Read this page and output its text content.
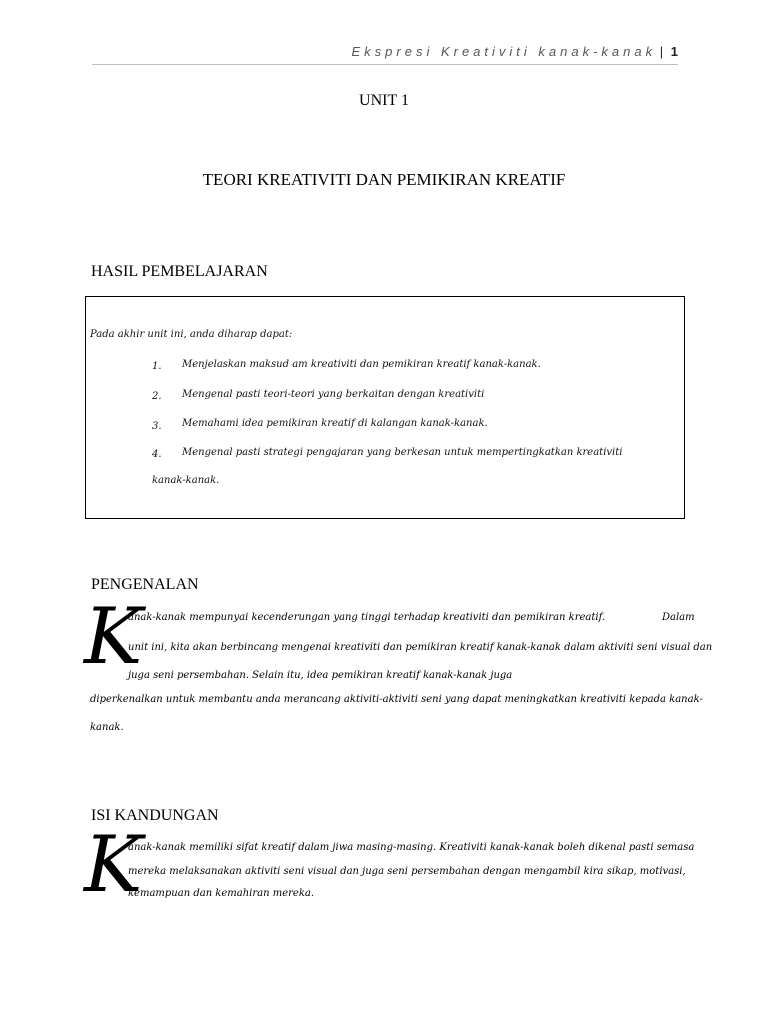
Ekspresi Kreativiti kanak-kanak | 1
UNIT 1
TEORI KREATIVITI DAN PEMIKIRAN KREATIF
HASIL PEMBELAJARAN
Pada akhir unit ini, anda diharap dapat:
1. Menjelaskan maksud am kreativiti dan pemikiran kreatif kanak-kanak.
2. Mengenal pasti teori-teori yang berkaitan dengan kreativiti
3. Memahami idea pemikiran kreatif di kalangan kanak-kanak.
4. Mengenal pasti strategi pengajaran yang berkesan untuk mempertingkatkan kreativiti
kanak-kanak.
PENGENALAN
K
anak-kanak mempunyai kecenderungan yang tinggi terhadap kreativiti dan pemikiran kreatif.	Dalam
unit ini, kita akan berbincang mengenai kreativiti dan pemikiran kreatif kanak-kanak dalam aktiviti seni visual dan
juga seni persembahan. Selain itu, idea pemikiran kreatif kanak-kanak juga
diperkenalkan untuk membantu anda merancang aktiviti-aktiviti seni yang dapat meningkatkan kreativiti kepada kanak-
kanak.
ISI KANDUNGAN
K
anak-kanak memiliki sifat kreatif dalam jiwa masing-masing. Kreativiti kanak-kanak boleh dikenal pasti semasa
mereka melaksanakan aktiviti seni visual dan juga seni persembahan dengan mengambil kira sikap, motivasi,
kemampuan dan kemahiran mereka.
